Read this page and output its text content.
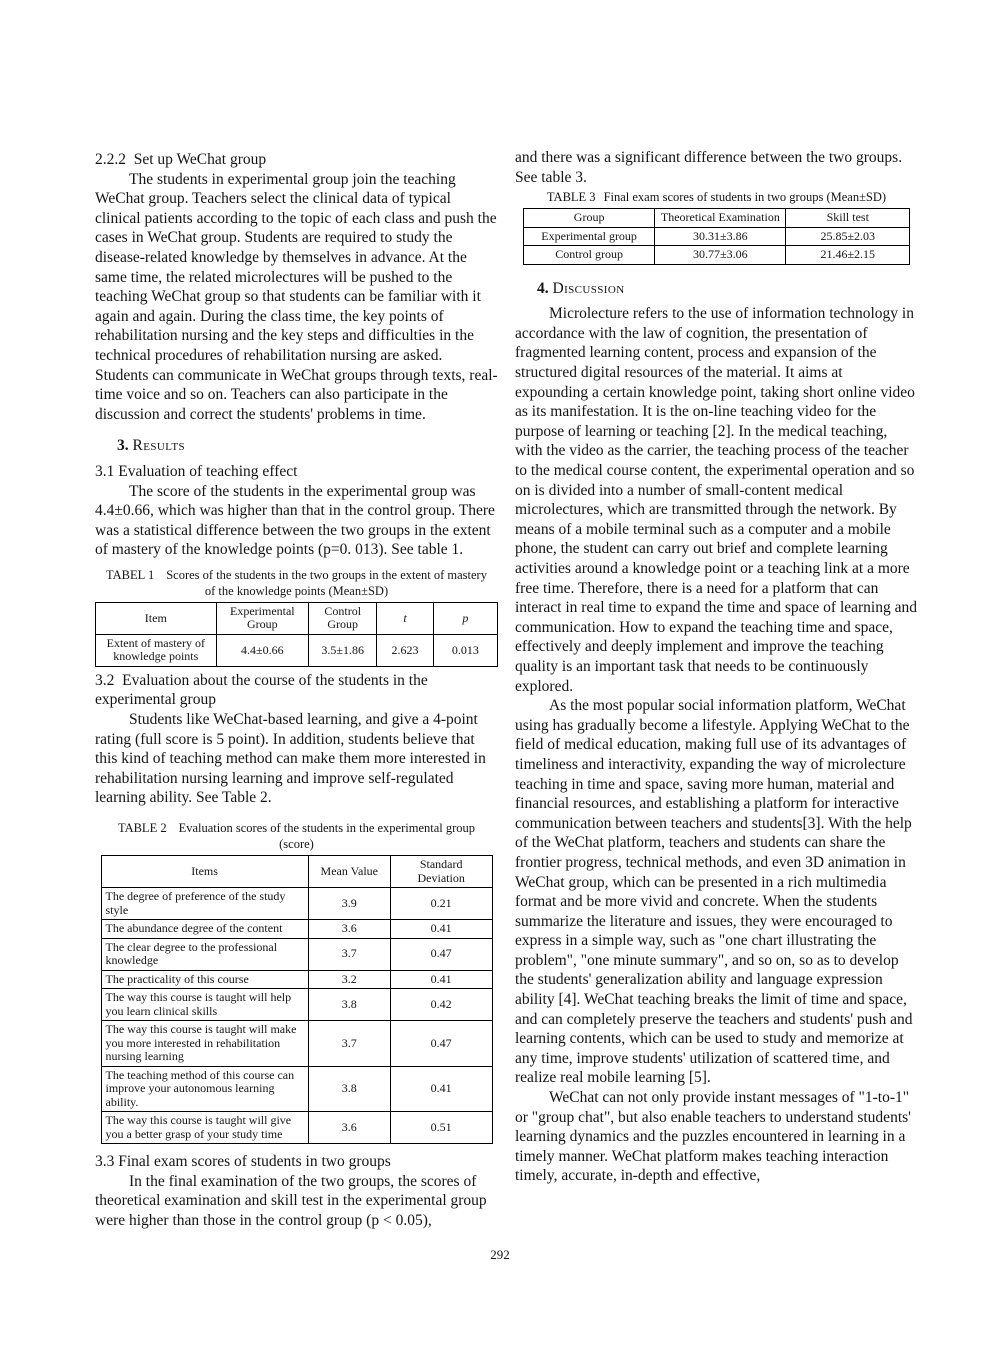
2.2.2  Set up WeChat group

The students in experimental group join the teaching WeChat group. Teachers select the clinical data of typical clinical patients according to the topic of each class and push the cases in WeChat group. Students are required to study the disease-related knowledge by themselves in advance. At the same time, the related microlectures will be pushed to the teaching WeChat group so that students can be familiar with it again and again. During the class time, the key points of rehabilitation nursing and the key steps and difficulties in the technical procedures of rehabilitation nursing are asked. Students can communicate in WeChat groups through texts, real-time voice and so on. Teachers can also participate in the discussion and correct the students' problems in time.

3. Results
3.1 Evaluation of teaching effect

The score of the students in the experimental group was 4.4±0.66, which was higher than that in the control group. There was a statistical difference between the two groups in the extent of mastery of the knowledge points (p=0. 013). See table 1.

TABEL 1 Scores of the students in the two groups in the extent of mastery of the knowledge points (Mean±SD)
Item	Experimental Group	Control Group	t	p
Extent of mastery of knowledge points	4.4±0.66	3.5±1.86	2.623	0.013
3.2  Evaluation about the course of the students in the experimental group

Students like WeChat-based learning, and give a 4-point rating (full score is 5 point). In addition, students believe that this kind of teaching method can make them more interested in rehabilitation nursing learning and improve self-regulated learning ability. See Table 2.

TABLE 2 Evaluation scores of the students in the experimental group (score)
Items	Mean Value	Standard Deviation
The degree of preference of the study style	3.9	0.21
The abundance degree of the content	3.6	0.41
The clear degree to the professional knowledge	3.7	0.47
The practicality of this course	3.2	0.41
The way this course is taught will help you learn clinical skills	3.8	0.42
The way this course is taught will make you more interested in rehabilitation nursing learning	3.7	0.47
The teaching method of this course can improve your autonomous learning ability.	3.8	0.41
The way this course is taught will give you a better grasp of your study time	3.6	0.51
3.3 Final exam scores of students in two groups

In the final examination of the two groups, the scores of theoretical examination and skill test in the experimental group were higher than those in the control group (p < 0.05),

and there was a significant difference between the two groups. See table 3.

TABLE 3 Final exam scores of students in two groups (Mean±SD)
Group	Theoretical Examination	Skill test
Experimental group	30.31±3.86	25.85±2.03
Control group	30.77±3.06	21.46±2.15
4. Discussion

Microlecture refers to the use of information technology in accordance with the law of cognition, the presentation of fragmented learning content, process and expansion of the structured digital resources of the material. It aims at expounding a certain knowledge point, taking short online video as its manifestation. It is the on-line teaching video for the purpose of learning or teaching [2]. In the medical teaching, with the video as the carrier, the teaching process of the teacher to the medical course content, the experimental operation and so on is divided into a number of small-content medical microlectures, which are transmitted through the network. By means of a mobile terminal such as a computer and a mobile phone, the student can carry out brief and complete learning activities around a knowledge point or a teaching link at a more free time. Therefore, there is a need for a platform that can interact in real time to expand the time and space of learning and communication. How to expand the teaching time and space, effectively and deeply implement and improve the teaching quality is an important task that needs to be continuously explored.

As the most popular social information platform, WeChat using has gradually become a lifestyle. Applying WeChat to the field of medical education, making full use of its advantages of timeliness and interactivity, expanding the way of microlecture teaching in time and space, saving more human, material and financial resources, and establishing a platform for interactive communication between teachers and students[3]. With the help of the WeChat platform, teachers and students can share the frontier progress, technical methods, and even 3D animation in WeChat group, which can be presented in a rich multimedia format and be more vivid and concrete. When the students summarize the literature and issues, they were encouraged to express in a simple way, such as "one chart illustrating the problem", "one minute summary", and so on, so as to develop the students' generalization ability and language expression ability [4]. WeChat teaching breaks the limit of time and space, and can completely preserve the teachers and students' push and learning contents, which can be used to study and memorize at any time, improve students' utilization of scattered time, and realize real mobile learning [5].

WeChat can not only provide instant messages of "1-to-1" or "group chat", but also enable teachers to understand students' learning dynamics and the puzzles encountered in learning in a timely manner. WeChat platform makes teaching interaction timely, accurate, in-depth and effective,

292
